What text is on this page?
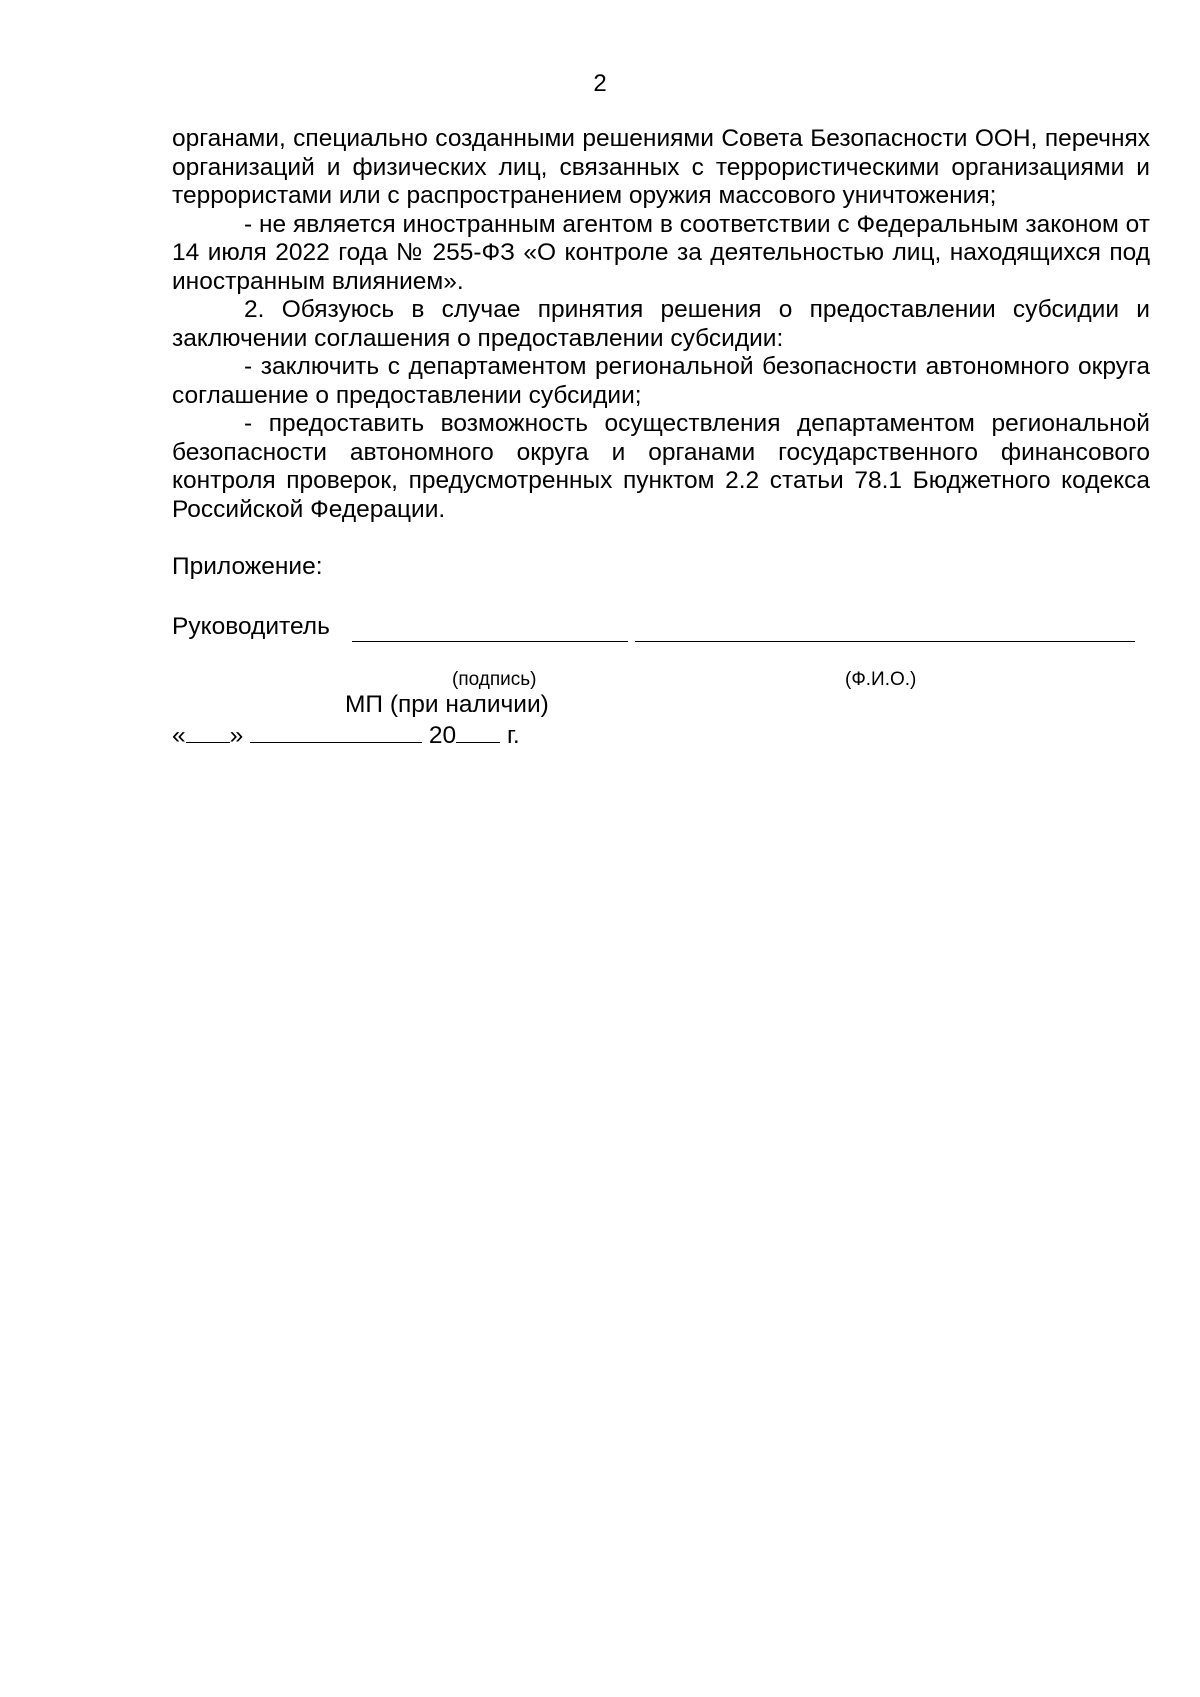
2

органами, специально созданными решениями Совета Безопасности ООН, перечнях организаций и физических лиц, связанных с террористическими организациями и террористами или с распространением оружия массового уничтожения;

- не является иностранным агентом в соответствии с Федеральным законом от 14 июля 2022 года № 255-ФЗ «О контроле за деятельностью лиц, находящихся под иностранным влиянием».

2. Обязуюсь в случае принятия решения о предоставлении субсидии и заключении соглашения о предоставлении субсидии:

- заключить с департаментом региональной безопасности автономного округа соглашение о предоставлении субсидии;

- предоставить возможность осуществления департаментом региональной безопасности автономного округа и органами государственного финансового контроля проверок, предусмотренных пунктом 2.2 статьи 78.1 Бюджетного кодекса Российской Федерации.

Приложение:

Руководитель
(подпись)	(Ф.И.О.)
МП (при наличии)
« »	20 г.
